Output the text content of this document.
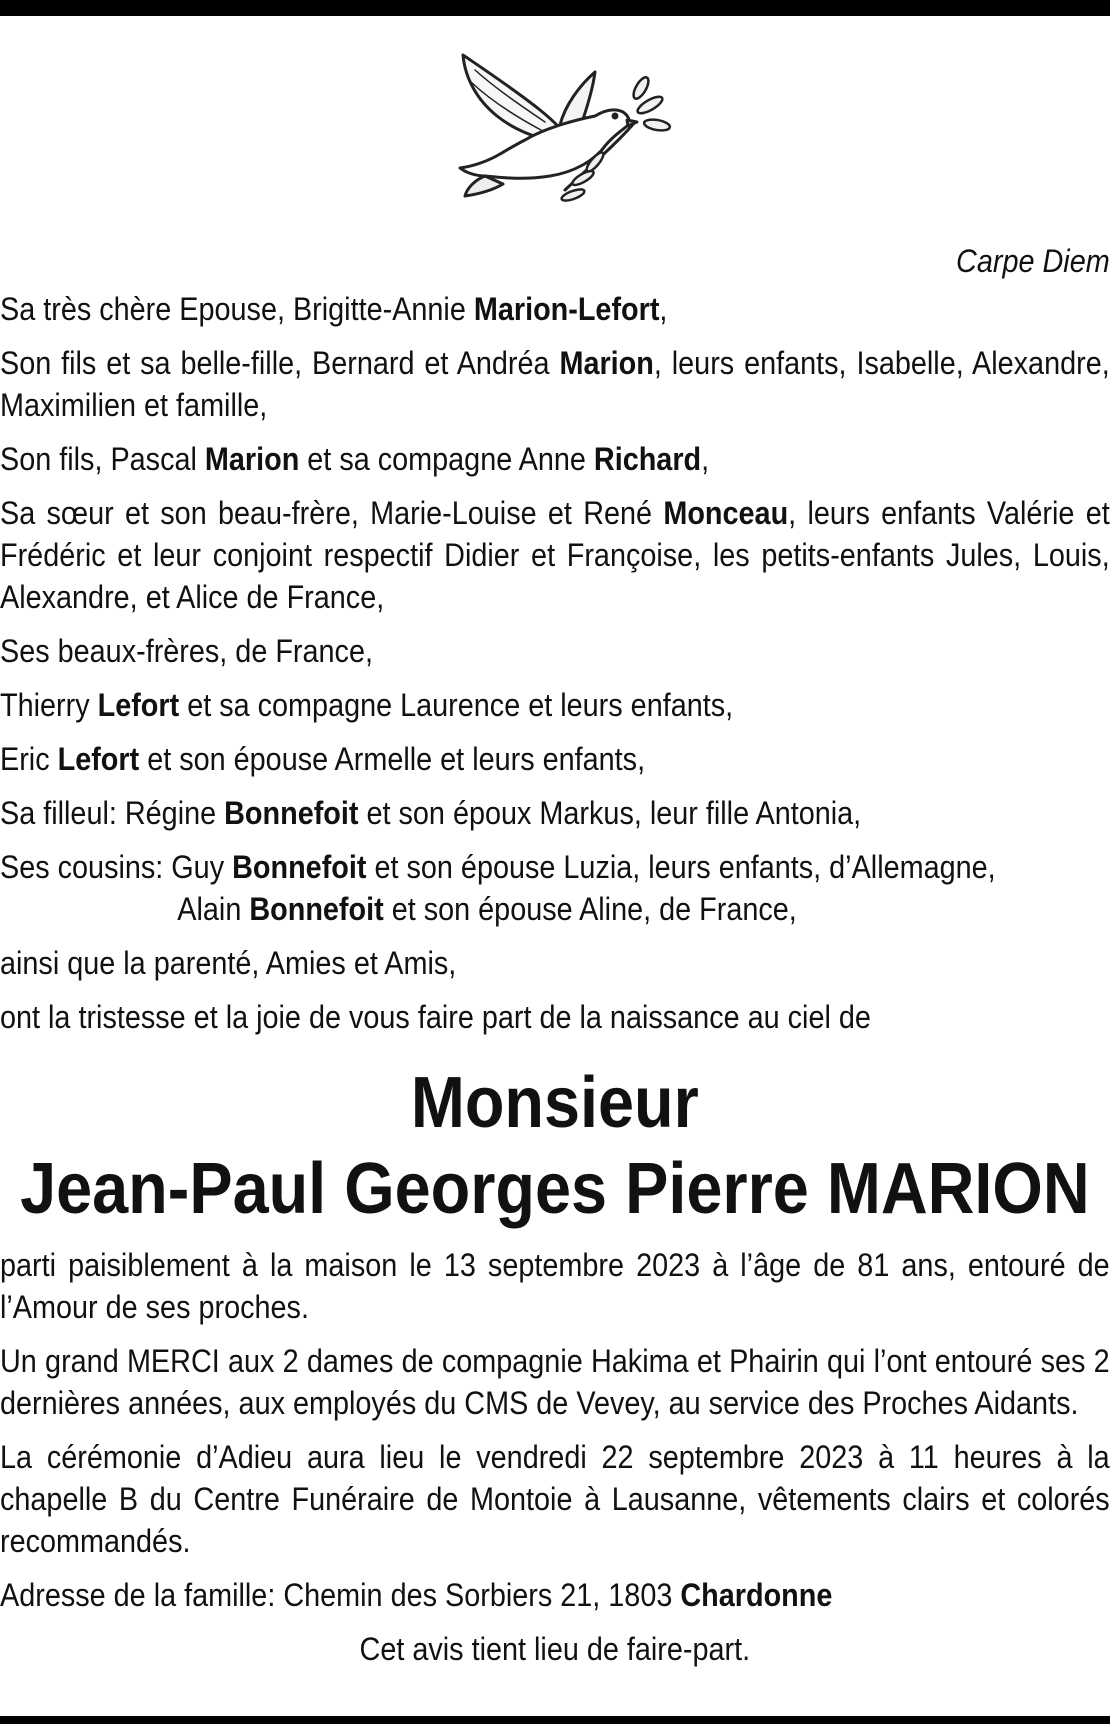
Carpe Diem
Sa très chère Epouse, Brigitte-Annie Marion-Lefort,
Son fils et sa belle-fille, Bernard et Andréa Marion, leurs enfants, Isabelle, Alexandre, Maximilien et famille,
Son fils, Pascal Marion et sa compagne Anne Richard,
Sa sœur et son beau-frère, Marie-Louise et René Monceau, leurs enfants Valérie et Frédéric et leur conjoint respectif Didier et Françoise, les petits-enfants Jules, Louis, Alexandre, et Alice de France,
Ses beaux-frères, de France,
Thierry Lefort et sa compagne Laurence et leurs enfants,
Eric Lefort et son épouse Armelle et leurs enfants,
Sa filleul: Régine Bonnefoit et son époux Markus, leur fille Antonia,
Ses cousins: Guy Bonnefoit et son épouse Luzia, leurs enfants, d’Allemagne,
Alain Bonnefoit et son épouse Aline, de France,
ainsi que la parenté, Amies et Amis,
ont la tristesse et la joie de vous faire part de la naissance au ciel de
Monsieur
Jean-Paul Georges Pierre MARION
parti paisiblement à la maison le 13 septembre 2023 à l’âge de 81 ans, entouré de l’Amour de ses proches.
Un grand MERCI aux 2 dames de compagnie Hakima et Phairin qui l’ont entouré ses 2 dernières années, aux employés du CMS de Vevey, au service des Proches Aidants.
La cérémonie d’Adieu aura lieu le vendredi 22 septembre 2023 à 11 heures à la chapelle B du Centre Funéraire de Montoie à Lausanne, vêtements clairs et colorés recommandés.
Adresse de la famille: Chemin des Sorbiers 21, 1803 Chardonne
Cet avis tient lieu de faire-part.
